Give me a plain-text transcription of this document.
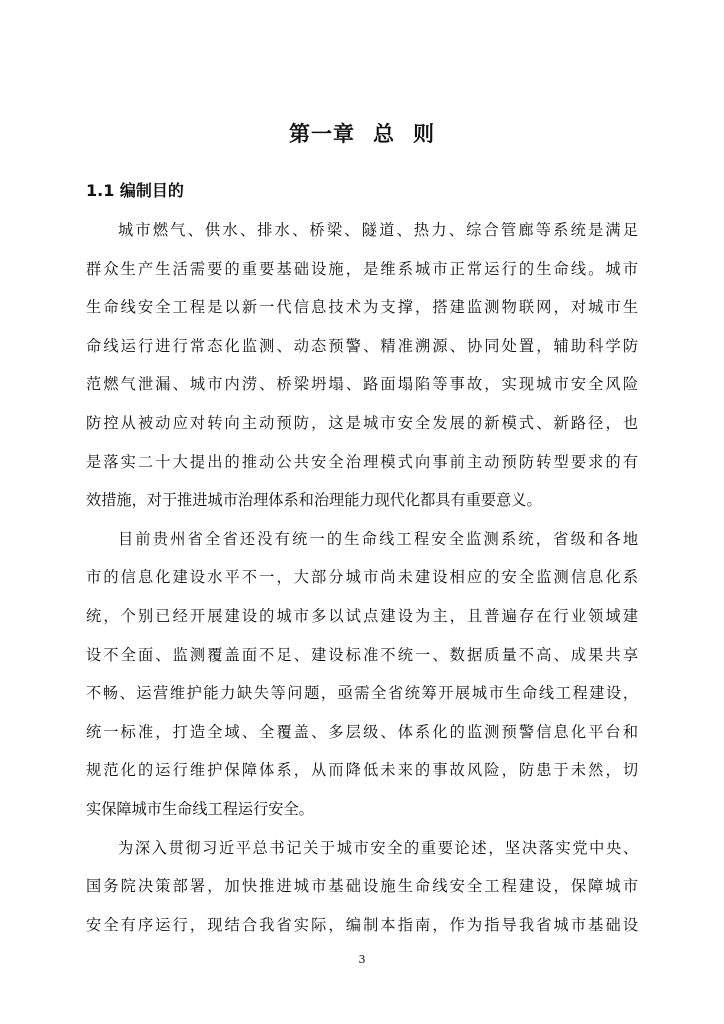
第一章 总 则
1.1 编制目的
城市燃气、供水、排水、桥梁、隧道、热力、综合管廊等系统是满足
群众生产生活需要的重要基础设施，是维系城市正常运行的生命线。城市
生命线安全工程是以新一代信息技术为支撑，搭建监测物联网，对城市生
命线运行进行常态化监测、动态预警、精准溯源、协同处置，辅助科学防
范燃气泄漏、城市内涝、桥梁坍塌、路面塌陷等事故，实现城市安全风险
防控从被动应对转向主动预防，这是城市安全发展的新模式、新路径，也
是落实二十大提出的推动公共安全治理模式向事前主动预防转型要求的有
效措施，对于推进城市治理体系和治理能力现代化都具有重要意义。
目前贵州省全省还没有统一的生命线工程安全监测系统，省级和各地
市的信息化建设水平不一，大部分城市尚未建设相应的安全监测信息化系
统，个别已经开展建设的城市多以试点建设为主，且普遍存在行业领域建
设不全面、监测覆盖面不足、建设标准不统一、数据质量不高、成果共享
不畅、运营维护能力缺失等问题，亟需全省统筹开展城市生命线工程建设，
统一标准，打造全域、全覆盖、多层级、体系化的监测预警信息化平台和
规范化的运行维护保障体系，从而降低未来的事故风险，防患于未然，切
实保障城市生命线工程运行安全。
为深入贯彻习近平总书记关于城市安全的重要论述，坚决落实党中央、
国务院决策部署，加快推进城市基础设施生命线安全工程建设，保障城市
安全有序运行，现结合我省实际，编制本指南，作为指导我省城市基础设

3
